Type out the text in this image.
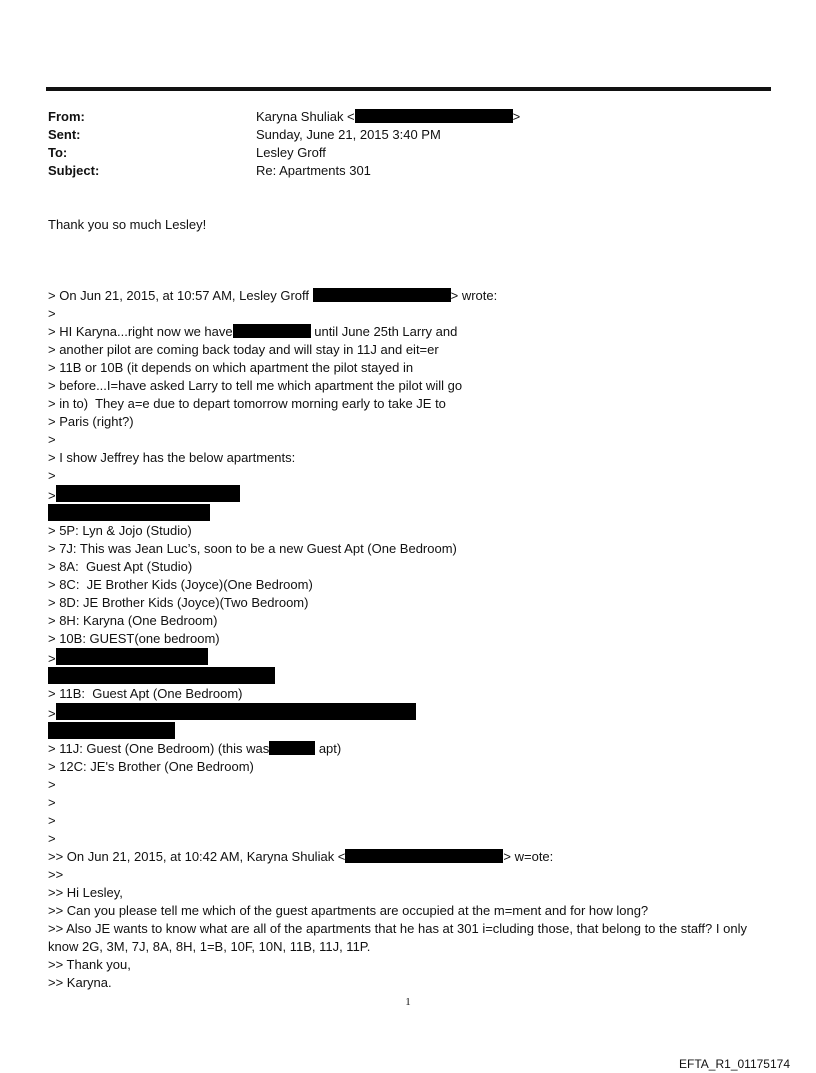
From:	Karyna Shuliak <	>
Sent:	Sunday, June 21, 2015 3:40 PM
To:	Lesley Groff
Subject:	Re: Apartments 301
Thank you so much Lesley!
> On Jun 21, 2015, at 10:57 AM, Lesley Groff	> wrote:
>
> HI Karyna...right now we have	until June 25th Larry and
> another pilot are coming back today and will stay in 11J and eit=er
> 11B or 10B (it depends on which apartment the pilot stayed in
> before...I=have asked Larry to tell me which apartment the pilot will go
> in to)  They a=e due to depart tomorrow morning early to take JE to
> Paris (right?)
>
> I show Jeffrey has the below apartments:
>
>
> 5P: Lyn & Jojo (Studio)
> 7J: This was Jean Luc’s, soon to be a new Guest Apt (One Bedroom)
> 8A:  Guest Apt (Studio)
> 8C:  JE Brother Kids (Joyce)(One Bedroom)
> 8D: JE Brother Kids (Joyce)(Two Bedroom)
> 8H: Karyna (One Bedroom)
> 10B: GUEST(one bedroom)
>
> 11B:  Guest Apt (One Bedroom)
>
> 11J: Guest (One Bedroom) (this was	apt)
> 12C: JE's Brother (One Bedroom)
>
>
>
>
>> On Jun 21, 2015, at 10:42 AM, Karyna Shuliak <	> w=ote:
>>
>> Hi Lesley,
>> Can you please tell me which of the guest apartments are occupied at the m=ment and for how long?
>> Also JE wants to know what are all of the apartments that he has at 301 i=cluding those, that belong to the staff? I only know 2G, 3M, 7J, 8A, 8H, 1=B, 10F, 10N, 11B, 11J, 11P.
>> Thank you,
>> Karyna.
1
EFTA_R1_01175174
